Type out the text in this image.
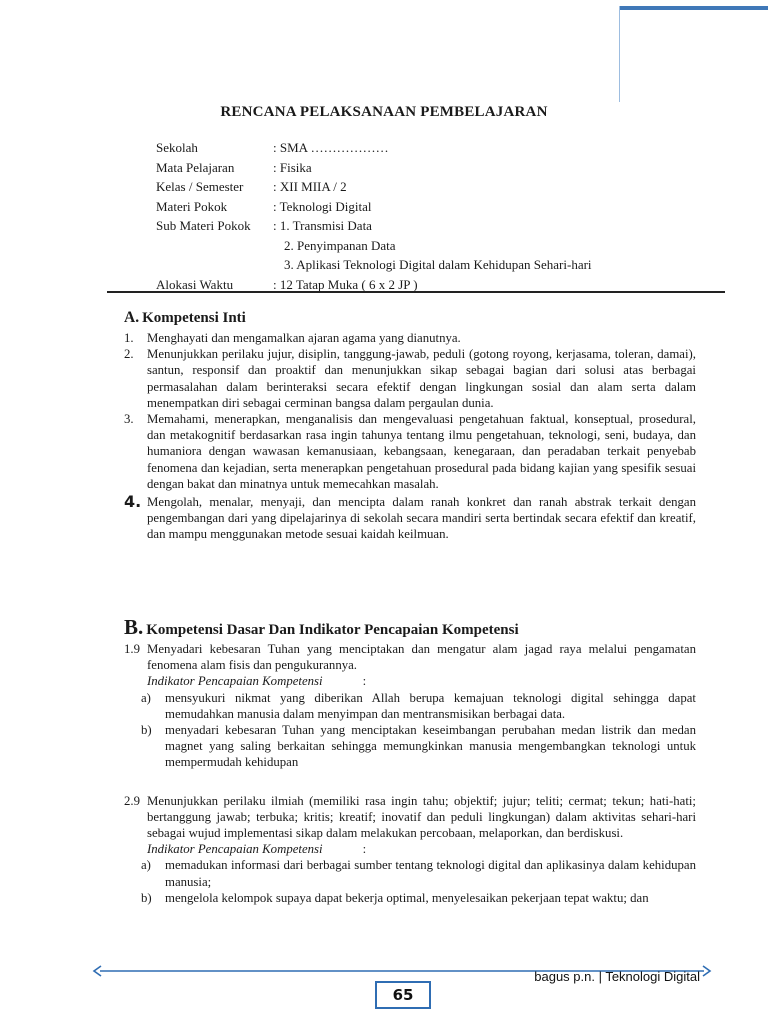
RENCANA PELAKSANAAN PEMBELAJARAN
Sekolah	: SMA ………………
Mata Pelajaran	: Fisika
Kelas / Semester	: XII MIIA / 2
Materi Pokok	: Teknologi Digital
Sub Materi Pokok	: 1. Transmisi Data
2. Penyimpanan Data
3. Aplikasi Teknologi Digital dalam Kehidupan Sehari-hari
Alokasi Waktu	: 12 Tatap Muka ( 6 x 2 JP )
A. Kompetensi Inti
1.	Menghayati dan mengamalkan ajaran agama yang dianutnya.
2.	Menunjukkan perilaku jujur, disiplin, tanggung-jawab, peduli (gotong royong, kerjasama, toleran, damai), santun, responsif dan proaktif dan menunjukkan sikap sebagai bagian dari solusi atas berbagai permasalahan dalam berinteraksi secara efektif dengan lingkungan sosial dan alam serta dalam menempatkan diri sebagai cerminan bangsa dalam pergaulan dunia.
3.	Memahami, menerapkan, menganalisis dan mengevaluasi pengetahuan faktual, konseptual, prosedural, dan metakognitif berdasarkan rasa ingin tahunya tentang ilmu pengetahuan, teknologi, seni, budaya, dan humaniora dengan wawasan kemanusiaan, kebangsaan, kenegaraan, dan peradaban terkait penyebab fenomena dan kejadian, serta menerapkan pengetahuan prosedural pada bidang kajian yang spesifik sesuai dengan bakat dan minatnya untuk memecahkan masalah.
4. Mengolah, menalar, menyaji, dan mencipta dalam ranah konkret dan ranah abstrak terkait dengan pengembangan dari yang dipelajarinya di sekolah secara mandiri serta bertindak secara efektif dan kreatif, dan mampu menggunakan metode sesuai kaidah keilmuan.
B. Kompetensi Dasar Dan Indikator Pencapaian Kompetensi
1.9 Menyadari kebesaran Tuhan yang menciptakan dan mengatur alam jagad raya melalui pengamatan fenomena alam fisis dan pengukurannya.
Indikator Pencapaian Kompetensi	:
a)	mensyukuri nikmat yang diberikan Allah berupa kemajuan teknologi digital sehingga dapat memudahkan manusia dalam menyimpan dan mentransmisikan berbagai data.
b)	menyadari kebesaran Tuhan yang menciptakan keseimbangan perubahan medan listrik dan medan magnet yang saling berkaitan sehingga memungkinkan manusia mengembangkan teknologi untuk mempermudah kehidupan
2.9 Menunjukkan perilaku ilmiah (memiliki rasa ingin tahu; objektif; jujur; teliti; cermat; tekun; hati-hati; bertanggung jawab; terbuka; kritis; kreatif; inovatif dan peduli lingkungan) dalam aktivitas sehari-hari sebagai wujud implementasi sikap dalam melakukan percobaan, melaporkan, dan berdiskusi.
Indikator Pencapaian Kompetensi	:
a)	memadukan informasi dari berbagai sumber tentang teknologi digital dan aplikasinya dalam kehidupan manusia;
b)	mengelola kelompok supaya dapat bekerja optimal, menyelesaikan pekerjaan tepat waktu; dan
bagus p.n. | Teknologi Digital
65
